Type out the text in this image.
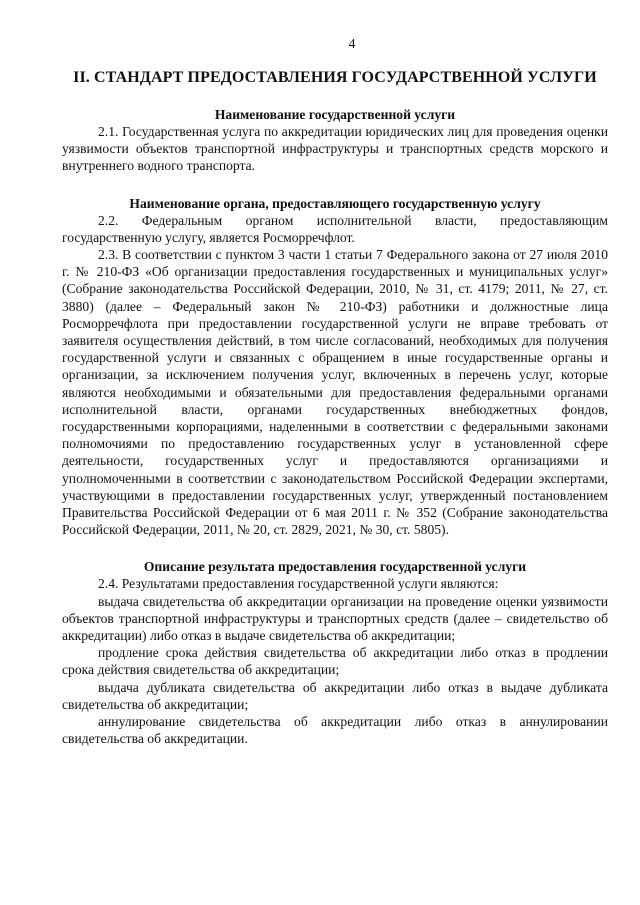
4
II. СТАНДАРТ ПРЕДОСТАВЛЕНИЯ ГОСУДАРСТВЕННОЙ УСЛУГИ
Наименование государственной услуги

2.1. Государственная услуга по аккредитации юридических лиц для проведения оценки уязвимости объектов транспортной инфраструктуры и транспортных средств морского и внутреннего водного транспорта.

Наименование органа, предоставляющего государственную услугу

2.2. Федеральным органом исполнительной власти, предоставляющим государственную услугу, является Росморречфлот.

2.3. В соответствии с пунктом 3 части 1 статьи 7 Федерального закона от 27 июля 2010 г. № 210-ФЗ «Об организации предоставления государственных и муниципальных услуг» (Собрание законодательства Российской Федерации, 2010, № 31, ст. 4179; 2011, № 27, ст. 3880) (далее – Федеральный закон № 210-ФЗ) работники и должностные лица Росморречфлота при предоставлении государственной услуги не вправе требовать от заявителя осуществления действий, в том числе согласований, необходимых для получения государственной услуги и связанных с обращением в иные государственные органы и организации, за исключением получения услуг, включенных в перечень услуг, которые являются необходимыми и обязательными для предоставления федеральными органами исполнительной власти, органами государственных внебюджетных фондов, государственными корпорациями, наделенными в соответствии с федеральными законами полномочиями по предоставлению государственных услуг в установленной сфере деятельности, государственных услуг и предоставляются организациями и уполномоченными в соответствии с законодательством Российской Федерации экспертами, участвующими в предоставлении государственных услуг, утвержденный постановлением Правительства Российской Федерации от 6 мая 2011 г. № 352 (Собрание законодательства Российской Федерации, 2011, № 20, ст. 2829, 2021, № 30, ст. 5805).

Описание результата предоставления государственной услуги

2.4. Результатами предоставления государственной услуги являются:

выдача свидетельства об аккредитации организации на проведение оценки уязвимости объектов транспортной инфраструктуры и транспортных средств (далее – свидетельство об аккредитации) либо отказ в выдаче свидетельства об аккредитации;

продление срока действия свидетельства об аккредитации либо отказ в продлении срока действия свидетельства об аккредитации;

выдача дубликата свидетельства об аккредитации либо отказ в выдаче дубликата свидетельства об аккредитации;

аннулирование свидетельства об аккредитации либо отказ в аннулировании свидетельства об аккредитации.
